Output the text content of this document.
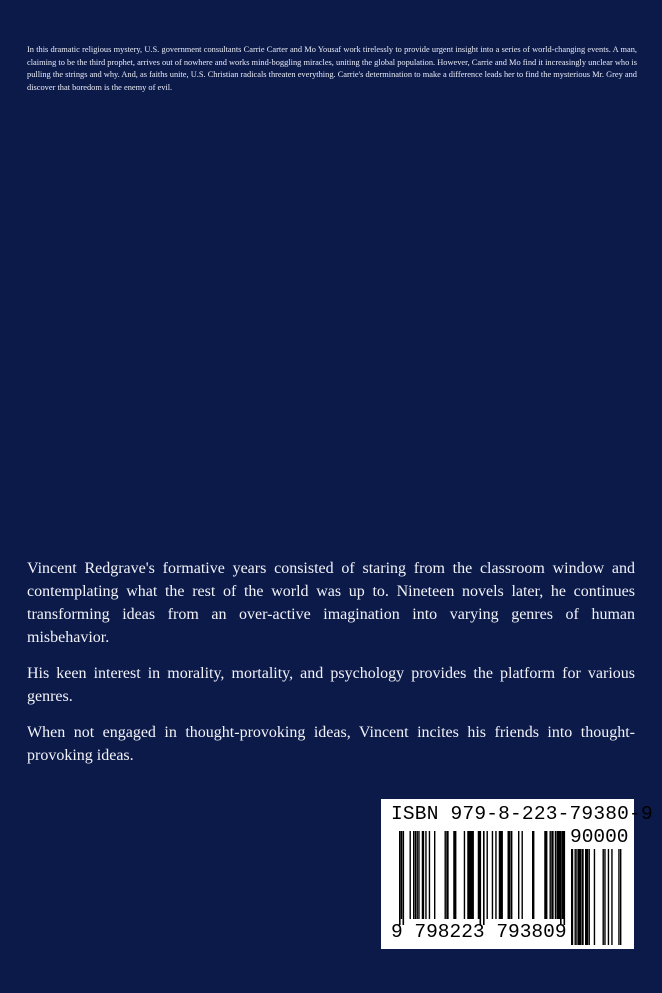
In this dramatic religious mystery, U.S. government consultants Carrie Carter and Mo Yousaf work tirelessly to provide urgent insight into a series of world-changing events. A man, claiming to be the third prophet, arrives out of nowhere and works mind-boggling miracles, uniting the global population. However, Carrie and Mo find it increasingly unclear who is pulling the strings and why. And, as faiths unite, U.S. Christian radicals threaten everything. Carrie's determination to make a difference leads her to find the mysterious Mr. Grey and discover that boredom is the enemy of evil.

Vincent Redgrave's formative years consisted of staring from the classroom window and contemplating what the rest of the world was up to. Nineteen novels later, he continues transforming ideas from an over-active imagination into varying genres of human misbehavior.

His keen interest in morality, mortality, and psychology provides the platform for various genres.

When not engaged in thought-provoking ideas, Vincent incites his friends into thought-provoking ideas.

ISBN 979-8-223-79380-9
90000
9 798223 793809
